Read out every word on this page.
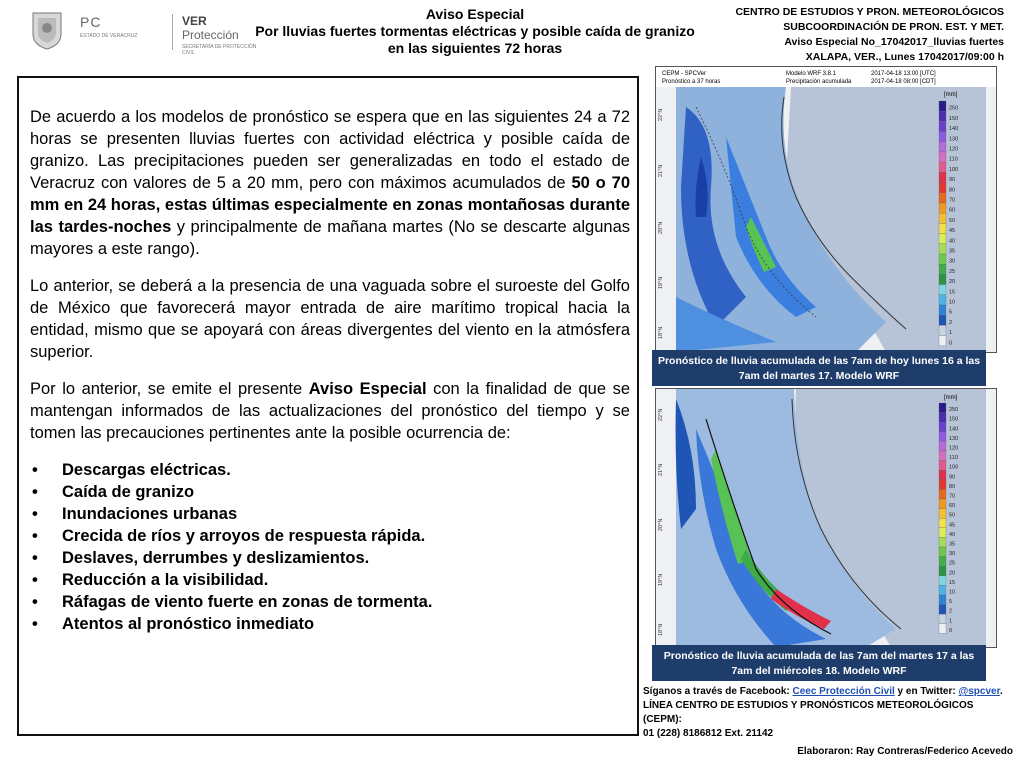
PC
ESTADO DE VERACRUZ
VER Protección
SECRETARÍA DE PROTECCIÓN CIVIL
Aviso Especial
Por lluvias fuertes tormentas eléctricas y posible caída de granizo en las siguientes 72 horas
CENTRO DE ESTUDIOS Y PRON. METEOROLÓGICOS
SUBCOORDINACIÓN DE PRON. EST. Y MET.
Aviso Especial No_17042017_lluvias fuertes
XALAPA, VER., Lunes 17042017/09:00 h

De acuerdo a los modelos de pronóstico se espera que en las siguientes 24 a 72 horas se presenten lluvias fuertes con actividad eléctrica y posible caída de granizo. Las precipitaciones pueden ser generalizadas en todo el estado de Veracruz con valores de 5 a 20 mm, pero con máximos acumulados de 50 o 70 mm en 24 horas, estas últimas especialmente en zonas montañosas durante las tardes-noches y principalmente de mañana martes (No se descarte algunas mayores a este rango).

Lo anterior, se deberá a la presencia de una vaguada sobre el suroeste del Golfo de México que favorecerá mayor entrada de aire marítimo tropical hacia la entidad, mismo que se apoyará con áreas divergentes del viento en la atmósfera superior.

Por lo anterior, se emite el presente Aviso Especial con la finalidad de que se mantengan informados de las actualizaciones del pronóstico del tiempo y se tomen las precauciones pertinentes ante la posible ocurrencia de:

• Descargas eléctricas.
• Caída de granizo
• Inundaciones urbanas
• Crecida de ríos y arroyos de respuesta rápida.
• Deslaves, derrumbes y deslizamientos.
• Reducción a la visibilidad.
• Ráfagas de viento fuerte en zonas de tormenta.
• Atentos al pronóstico inmediato
CEPM - SPCVer
Pronóstico a 37 horas
Modelo WRF 3.8.1
Precipitación acumulada
2017-04-18 13:00 [UTC]
2017-04-18 08:00 [CDT]
250
150
140
130
120
110
100
90
80
70
60
50
45
40
35
30
25
20
15
10
5
2
1
0
[mm]
22°N
21°N
20°N
19°N
18°N
Pronóstico de lluvia acumulada de las 7am de hoy lunes 16 a las 7am del martes 17. Modelo WRF
250
150
140
130
120
110
100
90
80
70
60
50
45
40
35
30
25
20
15
10
5
2
1
0
[mm]
22°N
21°N
20°N
19°N
18°N
Pronóstico de lluvia acumulada de las 7am del martes 17 a las 7am del miércoles 18. Modelo WRF
Síganos a través de Facebook: Ceec Protección Civil y en Twitter: @spcver.
LÍNEA CENTRO DE ESTUDIOS Y PRONÓSTICOS METEOROLÓGICOS (CEPM):
01 (228) 8186812 Ext. 21142
Elaboraron: Ray Contreras/Federico Acevedo
